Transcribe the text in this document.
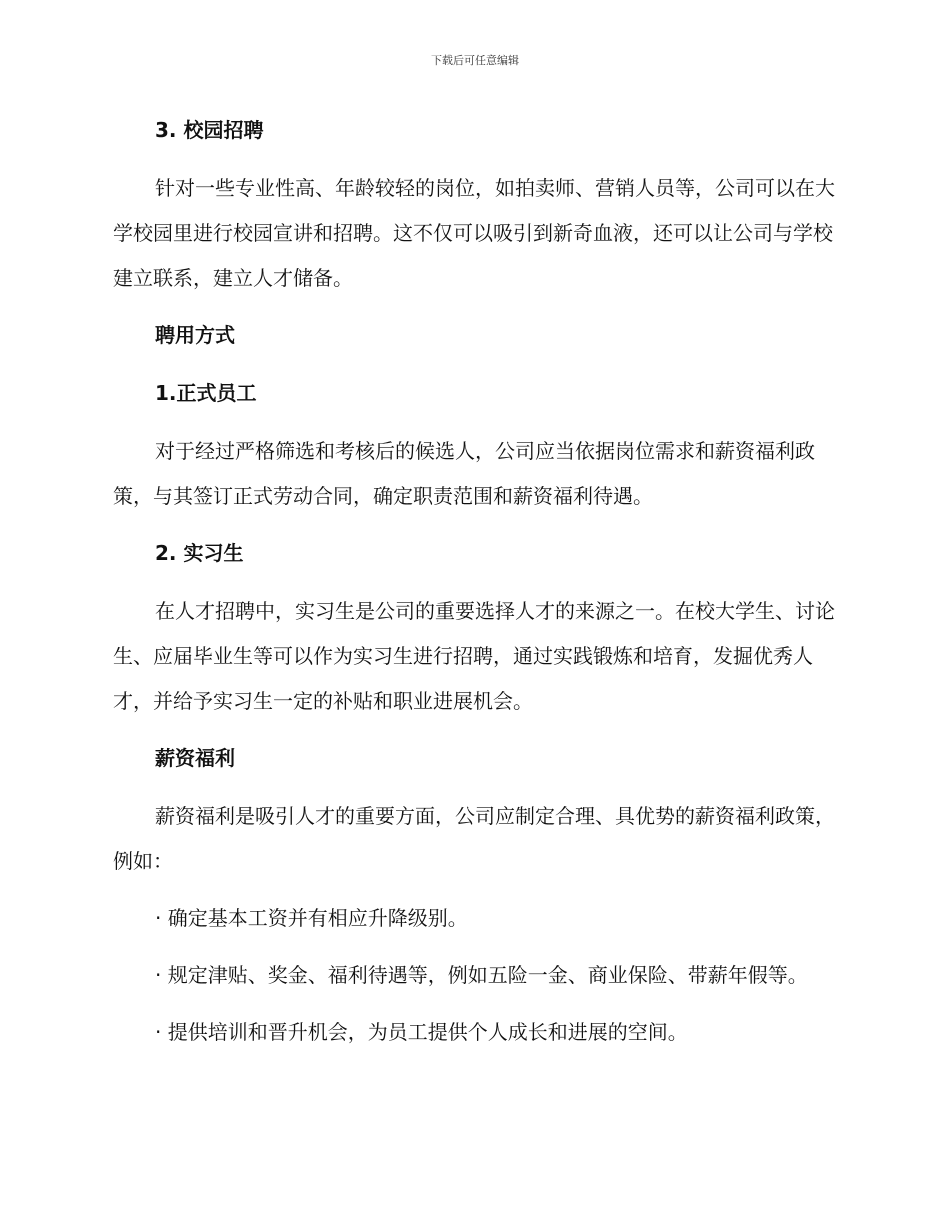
下载后可任意编辑
3. 校园招聘

针对一些专业性高、年龄较轻的岗位，如拍卖师、营销人员等，公司可以在大学校园里进行校园宣讲和招聘。这不仅可以吸引到新奇血液，还可以让公司与学校建立联系，建立人才储备。

聘用方式
1.正式员工

对于经过严格筛选和考核后的候选人，公司应当依据岗位需求和薪资福利政策，与其签订正式劳动合同，确定职责范围和薪资福利待遇。

2. 实习生

在人才招聘中，实习生是公司的重要选择人才的来源之一。在校大学生、讨论生、应届毕业生等可以作为实习生进行招聘，通过实践锻炼和培育，发掘优秀人才，并给予实习生一定的补贴和职业进展机会。

薪资福利

薪资福利是吸引人才的重要方面，公司应制定合理、具优势的薪资福利政策，例如：

· 确定基本工资并有相应升降级别。

· 规定津贴、奖金、福利待遇等，例如五险一金、商业保险、带薪年假等。

· 提供培训和晋升机会，为员工提供个人成长和进展的空间。
